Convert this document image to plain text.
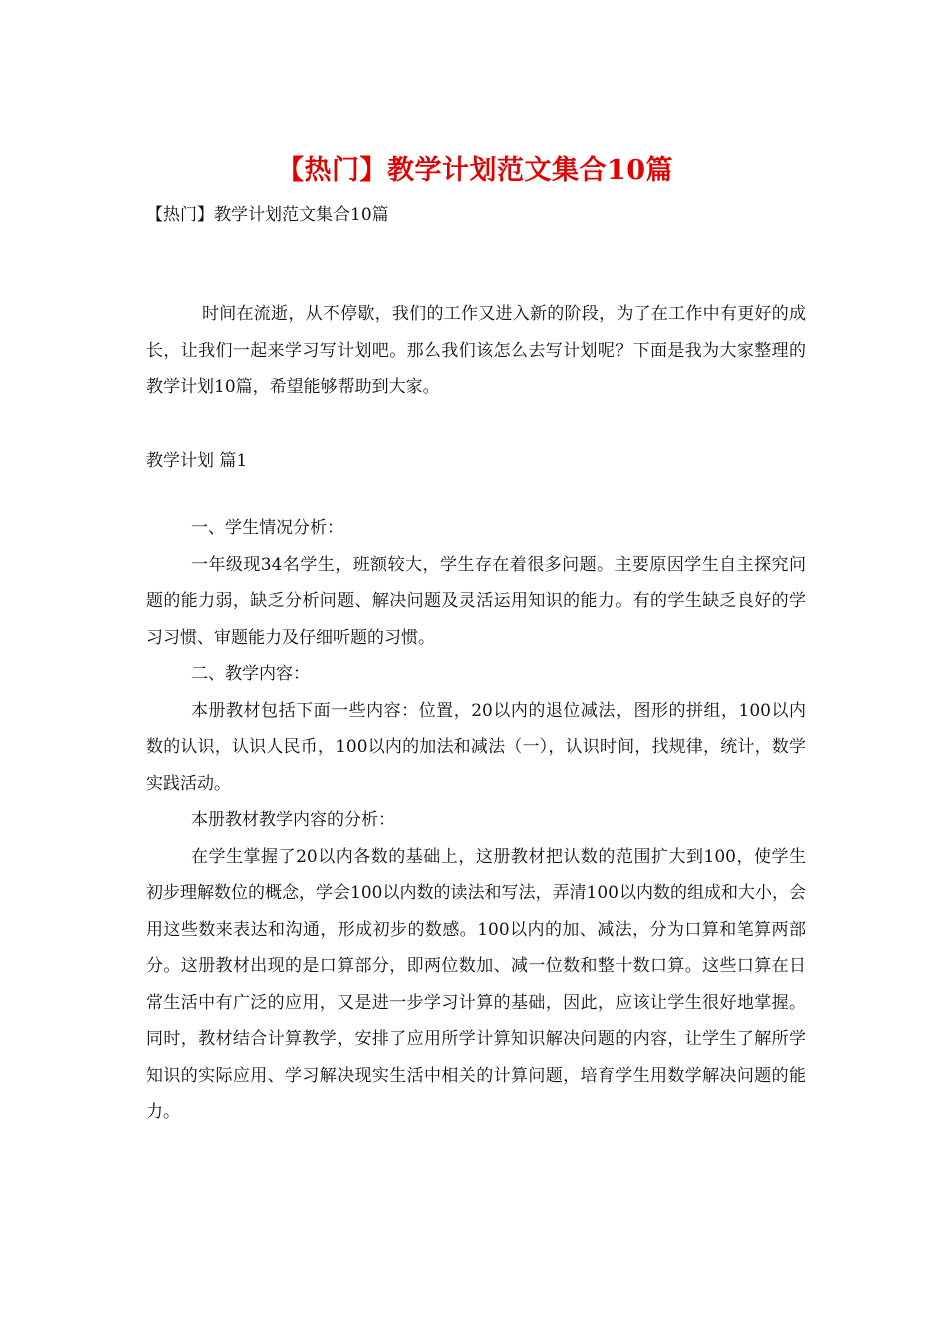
【热门】教学计划范文集合10篇
【热门】教学计划范文集合10篇
时间在流逝，从不停歇，我们的工作又进入新的阶段，为了在工作中有更好的成长，让我们一起来学习写计划吧。那么我们该怎么去写计划呢？下面是我为大家整理的教学计划10篇，希望能够帮助到大家。
教学计划 篇1

一、学生情况分析：

一年级现34名学生，班额较大，学生存在着很多问题。主要原因学生自主探究问题的能力弱，缺乏分析问题、解决问题及灵活运用知识的能力。有的学生缺乏良好的学习习惯、审题能力及仔细听题的习惯。

二、教学内容：

本册教材包括下面一些内容：位置，20以内的退位减法，图形的拼组，100以内数的认识，认识人民币，100以内的加法和减法（一），认识时间，找规律，统计，数学实践活动。

本册教材教学内容的分析：

在学生掌握了20以内各数的基础上，这册教材把认数的范围扩大到100，使学生初步理解数位的概念，学会100以内数的读法和写法，弄清100以内数的组成和大小，会用这些数来表达和沟通，形成初步的数感。100以内的加、减法，分为口算和笔算两部分。这册教材出现的是口算部分，即两位数加、减一位数和整十数口算。这些口算在日常生活中有广泛的应用，又是进一步学习计算的基础，因此，应该让学生很好地掌握。同时，教材结合计算教学，安排了应用所学计算知识解决问题的内容，让学生了解所学知识的实际应用、学习解决现实生活中相关的计算问题，培育学生用数学解决问题的能力。
